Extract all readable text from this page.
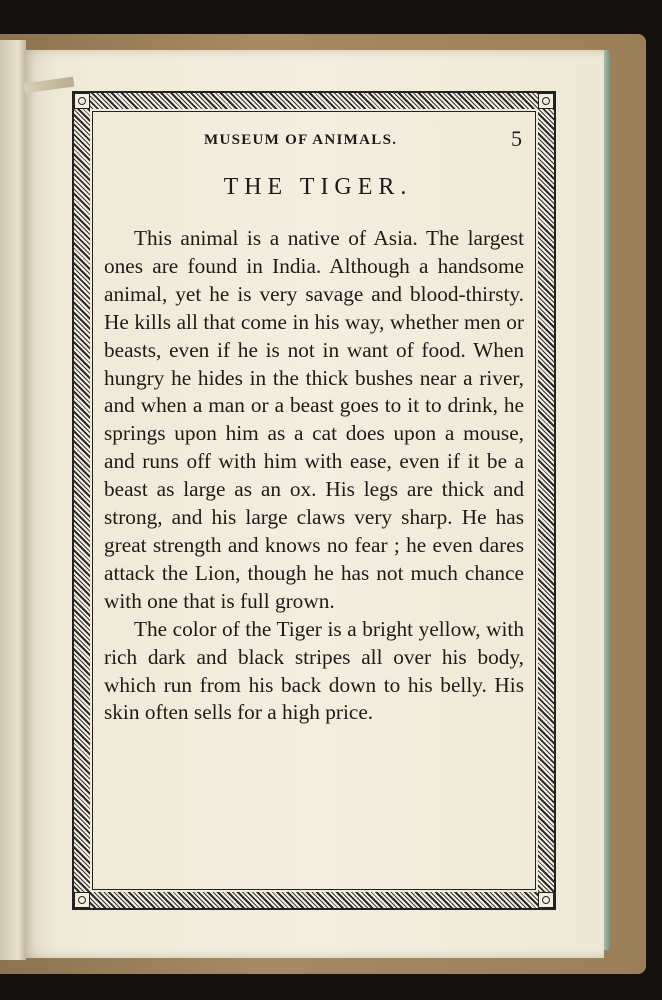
MUSEUM OF ANIMALS.	5
THE TIGER.

This animal is a native of Asia. The largest ones are found in India. Although a handsome animal, yet he is very savage and blood-thirsty. He kills all that come in his way, whether men or beasts, even if he is not in want of food. When hungry he hides in the thick bushes near a river, and when a man or a beast goes to it to drink, he springs upon him as a cat does upon a mouse, and runs off with him with ease, even if it be a beast as large as an ox. His legs are thick and strong, and his large claws very sharp. He has great strength and knows no fear ; he even dares attack the Lion, though he has not much chance with one that is full grown.

The color of the Tiger is a bright yellow, with rich dark and black stripes all over his body, which run from his back down to his belly. His skin often sells for a high price.
